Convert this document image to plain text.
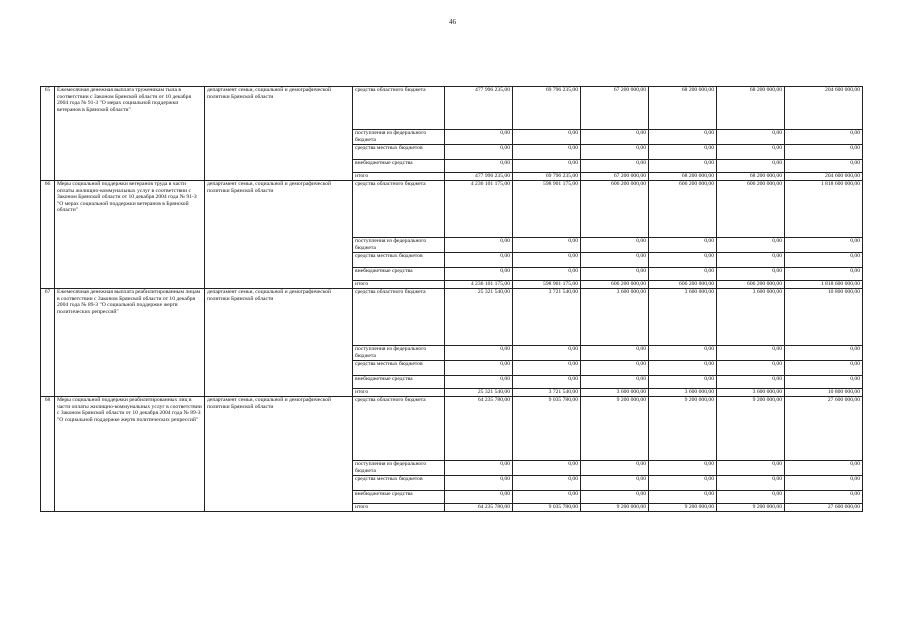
46
65	Ежемесячная денежная выплата труженикам тыла в соответствии с Законом Брянской области от 10 декабря 2004 года № 91-З "О мерах социальной поддержки ветеранов в Брянской области"	департамент семьи, социальной и демографической политики Брянской области	средства областного бюджета	477 996 235,00	69 796 235,00	67 200 000,00	68 200 000,00	68 200 000,00	204 600 000,00
			поступления из федерального бюджета	0,00	0,00	0,00	0,00	0,00	0,00
			средства местных бюджетов	0,00	0,00	0,00	0,00	0,00	0,00
			внебюджетные средства	0,00	0,00	0,00	0,00	0,00	0,00
			итого	477 996 235,00	69 796 235,00	67 200 000,00	68 200 000,00	68 200 000,00	204 600 000,00
66	Меры социальной поддержки ветеранов труда в части оплаты жилищно-коммунальных услуг в соответствии с Законом Брянской области от 10 декабря 2004 года № 91-З "О мерах социальной поддержки ветеранов в Брянской области"	департамент семьи, социальной и демографической политики Брянской области	средства областного бюджета	4 236 101 175,00	598 901 175,00	606 200 000,00	606 200 000,00	606 200 000,00	1 818 600 000,00
			поступления из федерального бюджета	0,00	0,00	0,00	0,00	0,00	0,00
			средства местных бюджетов	0,00	0,00	0,00	0,00	0,00	0,00
			внебюджетные средства	0,00	0,00	0,00	0,00	0,00	0,00
			итого	4 236 101 175,00	598 901 175,00	606 200 000,00	606 200 000,00	606 200 000,00	1 818 600 000,00
67	Ежемесячная денежная выплата реабилитированным лицам в соответствии с Законом Брянской области от 10 декабря 2004 года № 89-З "О социальной поддержке жертв политических репрессий"	департамент семьи, социальной и демографической политики Брянской области	средства областного бюджета	25 321 540,00	3 721 540,00	3 600 000,00	3 600 000,00	3 600 000,00	10 800 000,00
			поступления из федерального бюджета	0,00	0,00	0,00	0,00	0,00	0,00
			средства местных бюджетов	0,00	0,00	0,00	0,00	0,00	0,00
			внебюджетные средства	0,00	0,00	0,00	0,00	0,00	0,00
			итого	25 321 540,00	3 721 540,00	3 600 000,00	3 600 000,00	3 600 000,00	10 800 000,00
68	Меры социальной поддержки реабилитированных лиц в части оплаты жилищно-коммунальных услуг в соответствии с Законом Брянской области от 10 декабря 2004 года № 89-З "О социальной поддержке жертв политических репрессий"	департамент семьи, социальной и демографической политики Брянской области	средства областного бюджета	64 235 780,00	9 035 780,00	9 200 000,00	9 200 000,00	9 200 000,00	27 600 000,00
			поступления из федерального бюджета	0,00	0,00	0,00	0,00	0,00	0,00
			средства местных бюджетов	0,00	0,00	0,00	0,00	0,00	0,00
			внебюджетные средства	0,00	0,00	0,00	0,00	0,00	0,00
			итого	64 235 780,00	9 035 780,00	9 200 000,00	9 200 000,00	9 200 000,00	27 600 000,00
